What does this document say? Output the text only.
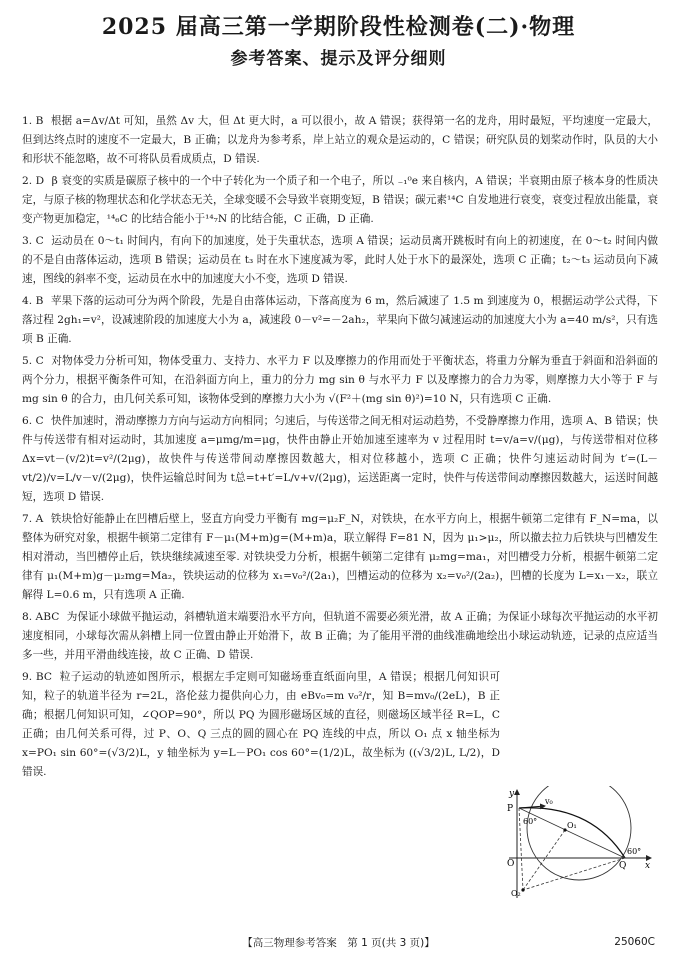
2025 届高三第一学期阶段性检测卷(二)·物理
参考答案、提示及评分细则
1. B 根据 a=Δv/Δt 可知，虽然 Δv 大，但 Δt 更大时，a 可以很小，故 A 错误；获得第一名的龙舟，用时最短，平均速度一定最大，但到达终点时的速度不一定最大，B 正确；以龙舟为参考系，岸上站立的观众是运动的，C 错误；研究队员的划桨动作时，队员的大小和形状不能忽略，故不可将队员看成质点，D 错误.
2. D β 衰变的实质是碳原子核中的一个中子转化为一个质子和一个电子，所以 ₋₁⁰e 来自核内，A 错误；半衰期由原子核本身的性质决定，与原子核的物理状态和化学状态无关，全球变暖不会导致半衰期变短，B 错误；碳元素¹⁴C 自发地进行衰变，衰变过程放出能量，衰变产物更加稳定，¹⁴₆C 的比结合能小于¹⁴₇N 的比结合能，C 正确，D 正确.
3. C 运动员在 0～t₁ 时间内，有向下的加速度，处于失重状态，选项 A 错误；运动员离开跳板时有向上的初速度，在 0～t₂ 时间内做的不是自由落体运动，选项 B 错误；运动员在 t₃ 时在水下速度减为零，此时人处于水下的最深处，选项 C 正确；t₂～t₃ 运动员向下减速，图线的斜率不变，运动员在水中的加速度大小不变，选项 D 错误.
4. B 苹果下落的运动可分为两个阶段，先是自由落体运动，下落高度为 6 m，然后减速了 1.5 m 到速度为 0，根据运动学公式得，下落过程 2gh₁=v²，设减速阶段的加速度大小为 a，减速段 0－v²=－2ah₂，苹果向下做匀减速运动的加速度大小为 a=40 m/s²，只有选项 B 正确.
5. C 对物体受力分析可知，物体受重力、支持力、水平力 F 以及摩擦力的作用而处于平衡状态，将重力分解为垂直于斜面和沿斜面的两个分力，根据平衡条件可知，在沿斜面方向上，重力的分力 mg sin θ 与水平力 F 以及摩擦力的合力为零，则摩擦力大小等于 F 与 mg sin θ 的合力，由几何关系可知，该物体受到的摩擦力大小为 √(F²＋(mg sin θ)²)=10 N，只有选项 C 正确.
6. C 快件加速时，滑动摩擦力方向与运动方向相同；匀速后，与传送带之间无相对运动趋势，不受静摩擦力作用，选项 A、B 错误；快件与传送带有相对运动时，其加速度 a=μmg/m=μg，快件由静止开始加速至速率为 v 过程用时 t=v/a=v/(μg)，与传送带相对位移 Δx=vt－(v/2)t=v²/(2μg)，故快件与传送带间动摩擦因数越大，相对位移越小，选项 C 正确；快件匀速运动时间为 t′=(L－vt/2)/v=L/v－v/(2μg)，快件运输总时间为 t总=t+t′=L/v+v/(2μg)，运送距离一定时，快件与传送带间动摩擦因数越大，运送时间越短，选项 D 错误.
7. A 铁块恰好能静止在凹槽后壁上，竖直方向受力平衡有 mg=μ₂F_N，对铁块，在水平方向上，根据牛顿第二定律有 F_N=ma，以整体为研究对象，根据牛顿第二定律有 F－μ₁(M+m)g=(M+m)a，联立解得 F=81 N，因为 μ₁>μ₂，所以撤去拉力后铁块与凹槽发生相对滑动，当凹槽停止后，铁块继续减速至零. 对铁块受力分析，根据牛顿第二定律有 μ₂mg=ma₁，对凹槽受力分析，根据牛顿第二定律有 μ₁(M+m)g－μ₂mg=Ma₂，铁块运动的位移为 x₁=v₀²/(2a₁)，凹槽运动的位移为 x₂=v₀²/(2a₂)，凹槽的长度为 L=x₁－x₂，联立解得 L=0.6 m，只有选项 A 正确.
8. ABC 为保证小球做平抛运动，斜槽轨道末端要沿水平方向，但轨道不需要必须光滑，故 A 正确；为保证小球每次平抛运动的水平初速度相同，小球每次需从斜槽上同一位置由静止开始滑下，故 B 正确；为了能用平滑的曲线准确地绘出小球运动轨迹，记录的点应适当多一些，并用平滑曲线连接，故 C 正确、D 错误.
9. BC 粒子运动的轨迹如图所示，根据左手定则可知磁场垂直纸面向里，A 错误；根据几何知识可知，粒子的轨道半径为 r=2L，洛伦兹力提供向心力，由 eBv₀=m v₀²/r，知 B=mv₀/(2eL)，B 正确；根据几何知识可知，∠QOP=90°，所以 PQ 为圆形磁场区域的直径，则磁场区域半径 R=L，C 正确；由几何关系可得，过 P、O、Q 三点的圆的圆心在 PQ 连线的中点，所以 O₁ 点 x 轴坐标为 x=PO₁ sin 60°=(√3/2)L，y 轴坐标为 y=L－PO₁ cos 60°=(1/2)L，故坐标为 ((√3/2)L, L/2)，D 错误.
y
x
P
O	Q
O₁
O₂
v₀
60°
60°
【高三物理参考答案　第 1 页(共 3 页)】	25060C
